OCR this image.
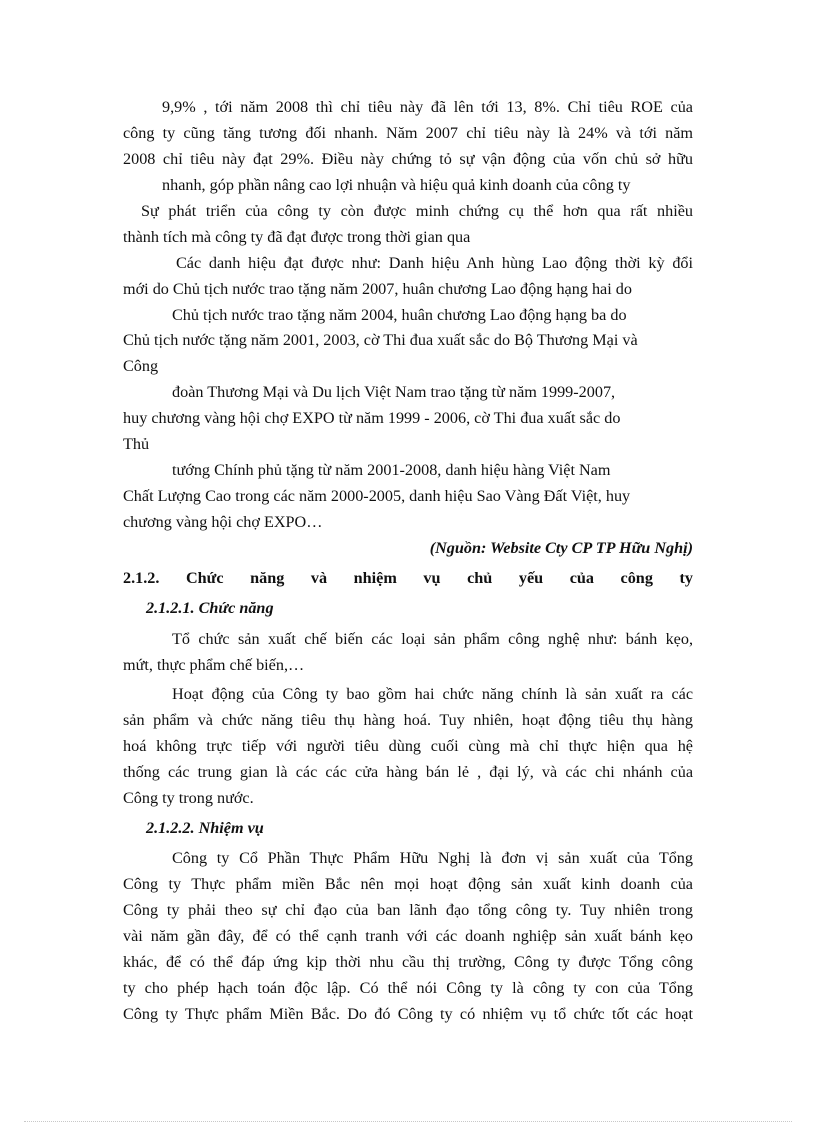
9,9% , tới năm 2008 thì chỉ tiêu này đã lên tới 13, 8%. Chỉ tiêu ROE của
công ty cũng tăng tương đối nhanh. Năm 2007 chỉ tiêu này là 24% và tới năm
2008 chỉ tiêu này đạt 29%. Điều này chứng tỏ sự vận động của vốn chủ sở hữu
nhanh, góp phần nâng cao lợi nhuận và hiệu quả kinh doanh của công ty
Sự phát triển của công ty còn được minh chứng cụ thể hơn qua rất nhiều
thành tích mà công ty đã đạt được trong thời gian qua
Các danh hiệu đạt được như: Danh hiệu Anh hùng Lao động thời kỳ đổi
mới do Chủ tịch nước trao tặng năm 2007, huân chương Lao động hạng hai do
Chủ tịch nước trao tặng năm 2004, huân chương Lao động hạng ba do
Chủ tịch nước tặng năm 2001, 2003, cờ Thi đua xuất sắc do Bộ Thương Mại và
Công
đoàn Thương Mại và Du lịch Việt Nam trao tặng từ năm 1999-2007,
huy chương vàng hội chợ EXPO từ năm 1999 - 2006, cờ Thi đua xuất sắc do
Thủ
tướng Chính phủ tặng từ năm 2001-2008, danh hiệu hàng Việt Nam
Chất Lượng Cao trong các năm 2000-2005, danh hiệu Sao Vàng Đất Việt, huy
chương vàng hội chợ EXPO…
(Nguồn: Website Cty CP TP Hữu Nghị)
2.1.2. Chức năng và nhiệm vụ chủ yếu của công ty
2.1.2.1. Chức năng
Tổ chức sản xuất chế biến các loại sản phẩm công nghệ như: bánh kẹo,
mứt, thực phẩm chế biến,…
Hoạt động của Công ty bao gồm hai chức năng chính là sản xuất ra các
sản phẩm và chức năng tiêu thụ hàng hoá. Tuy nhiên, hoạt động tiêu thụ hàng
hoá không trực tiếp với người tiêu dùng cuối cùng mà chỉ thực hiện qua hệ
thống các trung gian là các các cửa hàng bán lẻ , đại lý, và các chi nhánh của
Công ty trong nước.
2.1.2.2. Nhiệm vụ
Công ty Cổ Phần Thực Phẩm Hữu Nghị là đơn vị sản xuất của Tổng
Công ty Thực phẩm miền Bắc nên mọi hoạt động sản xuất kinh doanh của
Công ty phải theo sự chỉ đạo của ban lãnh đạo tổng công ty. Tuy nhiên trong
vài năm gần đây, để có thể cạnh tranh với các doanh nghiệp sản xuất bánh kẹo
khác, để có thể đáp ứng kịp thời nhu cầu thị trường, Công ty được Tổng công
ty cho phép hạch toán độc lập. Có thể nói Công ty là công ty con của Tổng
Công ty Thực phẩm Miền Bắc. Do đó Công ty có nhiệm vụ tổ chức tốt các hoạt
